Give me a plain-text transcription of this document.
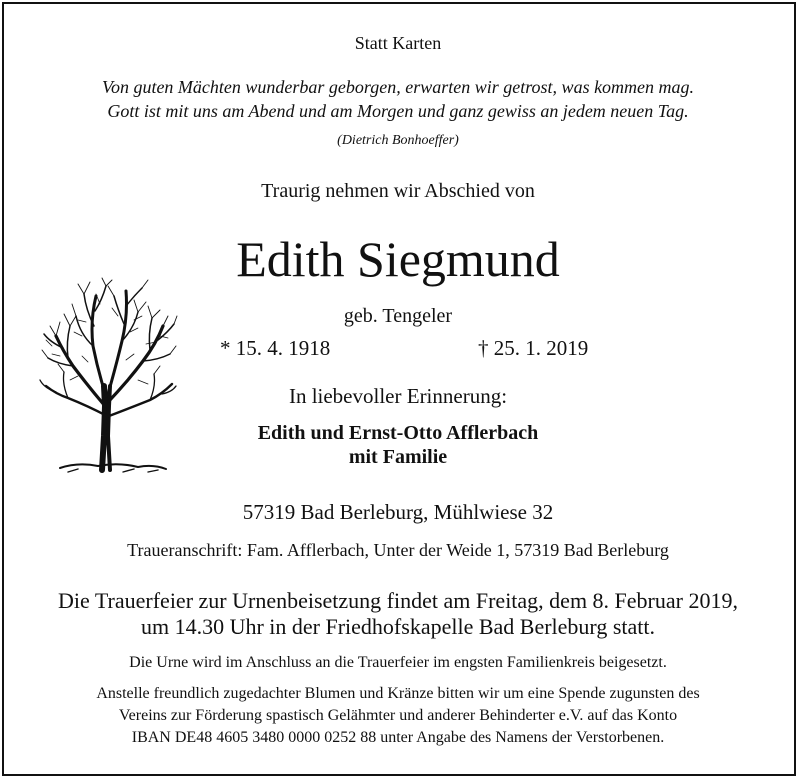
Statt Karten
Von guten Mächten wunderbar geborgen, erwarten wir getrost, was kommen mag.
Gott ist mit uns am Abend und am Morgen und ganz gewiss an jedem neuen Tag.
(Dietrich Bonhoeffer)
Traurig nehmen wir Abschied von
Edith Siegmund
geb. Tengeler
* 15. 4. 1918	† 25. 1. 2019
In liebevoller Erinnerung:
Edith und Ernst-Otto Afflerbach
mit Familie
57319 Bad Berleburg, Mühlwiese 32
Traueranschrift: Fam. Afflerbach, Unter der Weide 1, 57319 Bad Berleburg
Die Trauerfeier zur Urnenbeisetzung findet am Freitag, dem 8. Februar 2019,
um 14.30 Uhr in der Friedhofskapelle Bad Berleburg statt.
Die Urne wird im Anschluss an die Trauerfeier im engsten Familienkreis beigesetzt.
Anstelle freundlich zugedachter Blumen und Kränze bitten wir um eine Spende zugunsten des
Vereins zur Förderung spastisch Gelähmter und anderer Behinderter e.V. auf das Konto
IBAN DE48 4605 3480 0000 0252 88 unter Angabe des Namens der Verstorbenen.
